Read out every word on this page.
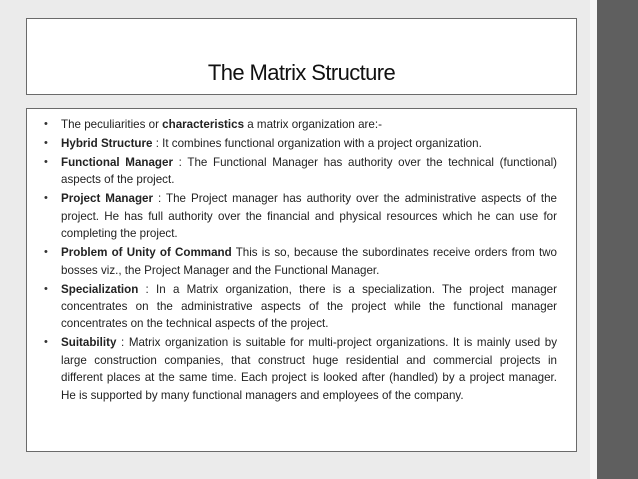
The Matrix Structure
• The peculiarities or characteristics a matrix organization are:-
• Hybrid Structure : It combines functional organization with a project organization.
• Functional Manager : The Functional Manager has authority over the technical (functional) aspects of the project.
• Project Manager : The Project manager has authority over the administrative aspects of the project. He has full authority over the financial and physical resources which he can use for completing the project.
• Problem of Unity of Command This is so, because the subordinates receive orders from two bosses viz., the Project Manager and the Functional Manager.
• Specialization : In a Matrix organization, there is a specialization. The project manager concentrates on the administrative aspects of the project while the functional manager concentrates on the technical aspects of the project.
• Suitability : Matrix organization is suitable for multi-project organizations. It is mainly used by large construction companies, that construct huge residential and commercial projects in different places at the same time. Each project is looked after (handled) by a project manager. He is supported by many functional managers and employees of the company.
